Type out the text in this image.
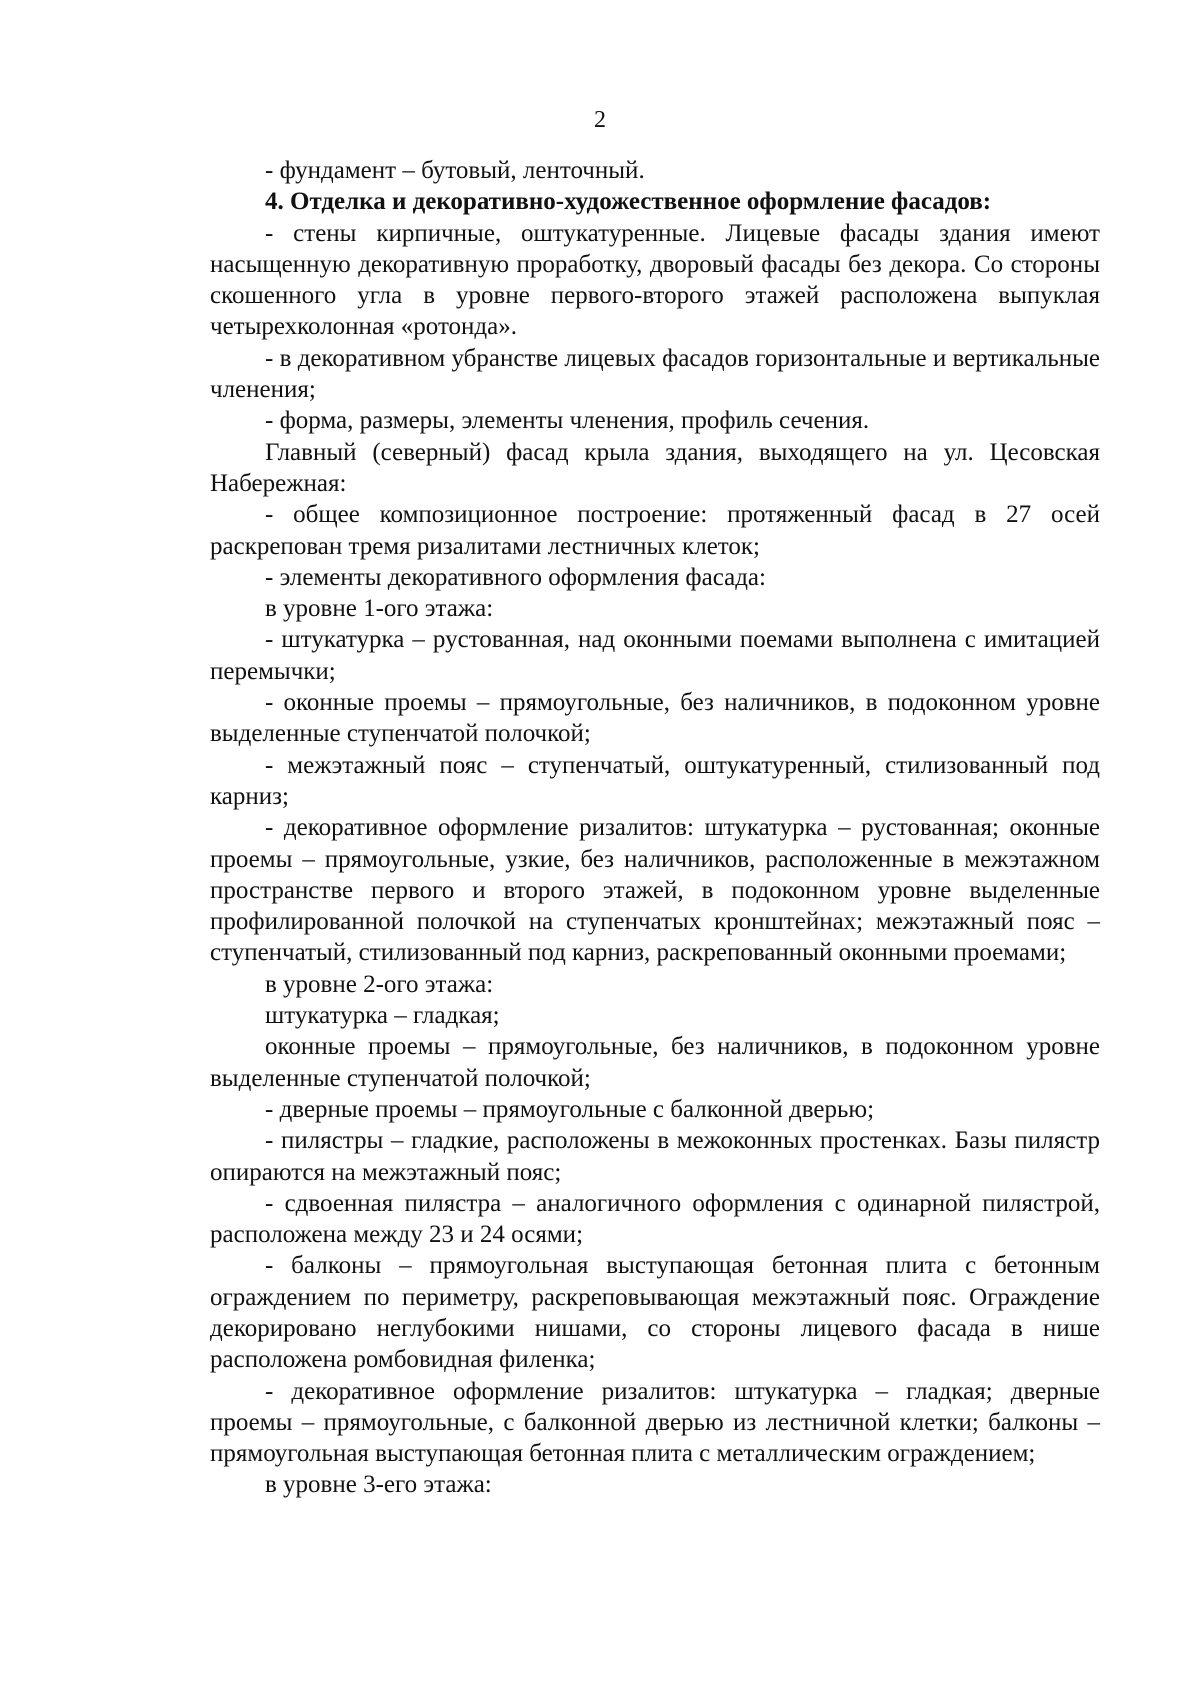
2

- фундамент – бутовый, ленточный.

4. Отделка и декоративно-художественное оформление фасадов:

- стены кирпичные, оштукатуренные. Лицевые фасады здания имеют насыщенную декоративную проработку, дворовый фасады без декора. Со стороны скошенного угла в уровне первого-второго этажей расположена выпуклая четырехколонная «ротонда».

- в декоративном убранстве лицевых фасадов горизонтальные и вертикальные членения;

- форма, размеры, элементы членения, профиль сечения.

Главный (северный) фасад крыла здания, выходящего на ул. Цесовская Набережная:

- общее композиционное построение: протяженный фасад в 27 осей раскрепован тремя ризалитами лестничных клеток;

- элементы декоративного оформления фасада:

в уровне 1-ого этажа:

- штукатурка – рустованная, над оконными поемами выполнена с имитацией перемычки;

- оконные проемы – прямоугольные, без наличников, в подоконном уровне выделенные ступенчатой полочкой;

- межэтажный пояс – ступенчатый, оштукатуренный, стилизованный под карниз;

- декоративное оформление ризалитов: штукатурка – рустованная; оконные проемы – прямоугольные, узкие, без наличников, расположенные в межэтажном пространстве первого и второго этажей, в подоконном уровне выделенные профилированной полочкой на ступенчатых кронштейнах; межэтажный пояс – ступенчатый, стилизованный под карниз, раскрепованный оконными проемами;

в уровне 2-ого этажа:

штукатурка – гладкая;

оконные проемы – прямоугольные, без наличников, в подоконном уровне выделенные ступенчатой полочкой;

- дверные проемы – прямоугольные с балконной дверью;

- пилястры – гладкие, расположены в межоконных простенках. Базы пилястр опираются на межэтажный пояс;

- сдвоенная пилястра – аналогичного оформления с одинарной пилястрой, расположена между 23 и 24 осями;

- балконы – прямоугольная выступающая бетонная плита с бетонным ограждением по периметру, раскреповывающая межэтажный пояс. Ограждение декорировано неглубокими нишами, со стороны лицевого фасада в нише расположена ромбовидная филенка;

- декоративное оформление ризалитов: штукатурка – гладкая; дверные проемы – прямоугольные, с балконной дверью из лестничной клетки; балконы – прямоугольная выступающая бетонная плита с металлическим ограждением;

в уровне 3-его этажа:
